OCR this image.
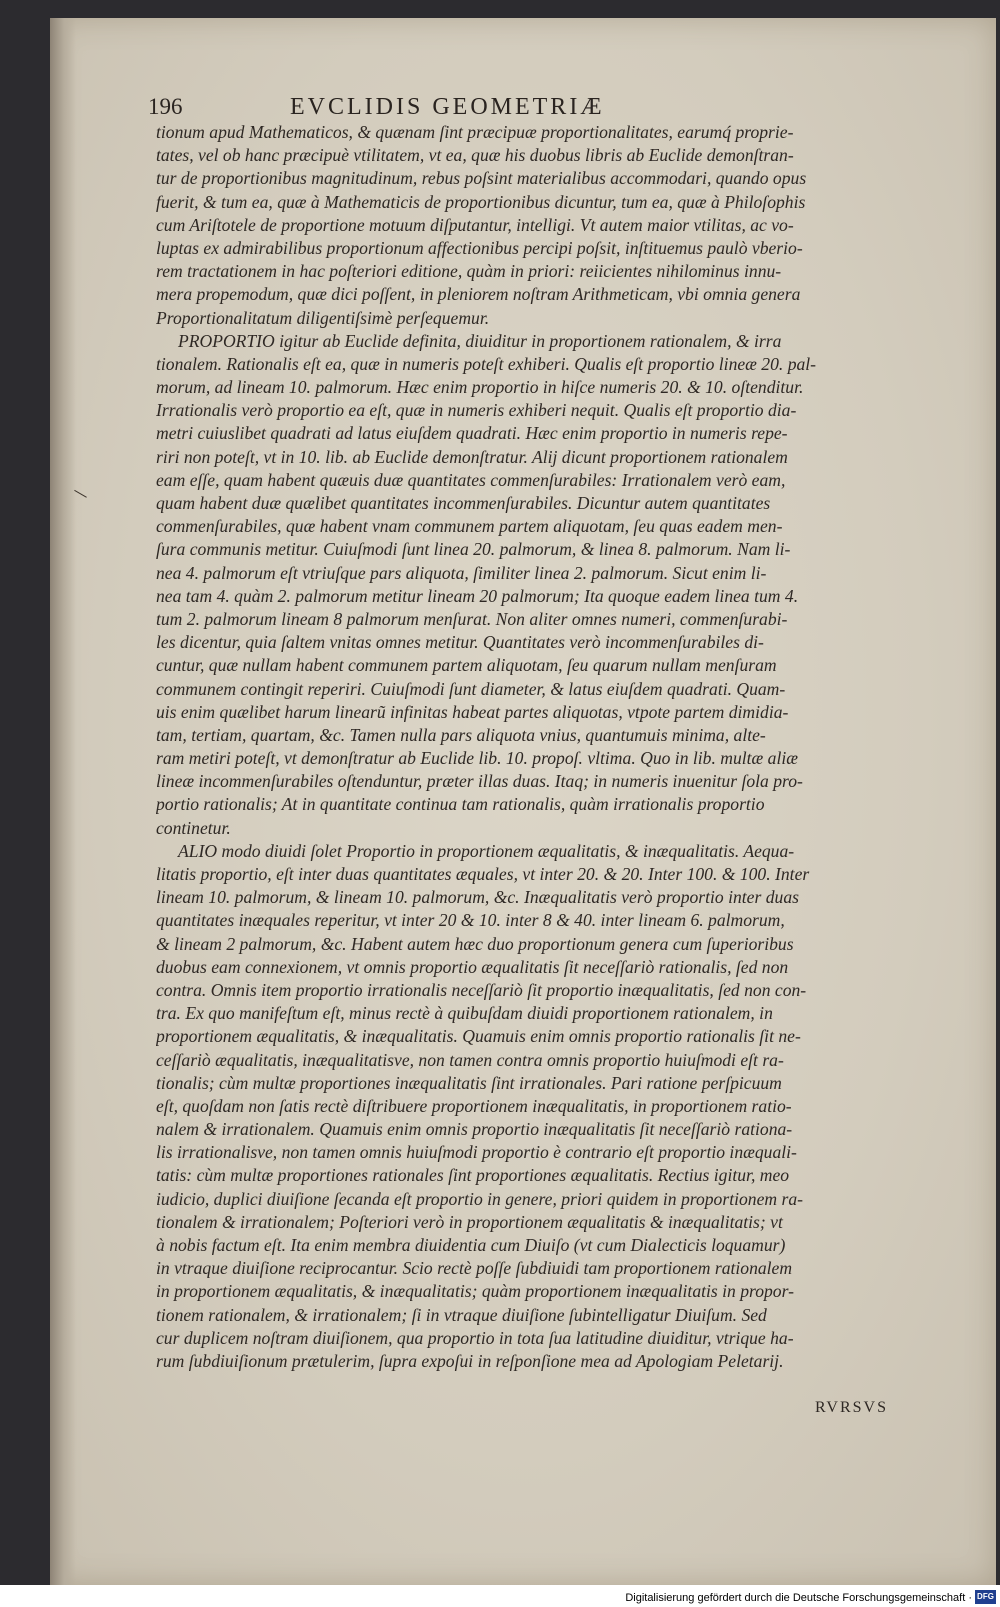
196	EVCLIDIS GEOMETRIÆ
tionum apud Mathematicos, & quænam ſint præcipuæ proportionalitates, earumq́ proprie-
tates, vel ob hanc præcipuè vtilitatem, vt ea, quæ his duobus libris ab Euclide demonſtran-
tur de proportionibus magnitudinum, rebus poſsint materialibus accommodari, quando opus
fuerit, & tum ea, quæ à Mathematicis de proportionibus dicuntur, tum ea, quæ à Philoſophis
cum Ariſtotele de proportione motuum diſputantur, intelligi. Vt autem maior vtilitas, ac vo-
luptas ex admirabilibus proportionum affectionibus percipi poſsit, inſtituemus paulò vberio-
rem tractationem in hac poſteriori editione, quàm in priori: reiicientes nihilominus innu-
mera propemodum, quæ dici poſſent, in pleniorem noſtram Arithmeticam, vbi omnia genera
Proportionalitatum diligentiſsimè perſequemur.
PROPORTIO igitur ab Euclide definita, diuiditur in proportionem rationalem, & irra
tionalem. Rationalis eſt ea, quæ in numeris poteſt exhiberi. Qualis eſt proportio lineæ 20. pal-
morum, ad lineam 10. palmorum. Hæc enim proportio in hiſce numeris 20. & 10. oſtenditur.
Irrationalis verò proportio ea eſt, quæ in numeris exhiberi nequit. Qualis eſt proportio dia-
metri cuiuslibet quadrati ad latus eiuſdem quadrati. Hæc enim proportio in numeris repe-
riri non poteſt, vt in 10. lib. ab Euclide demonſtratur. Alij dicunt proportionem rationalem
eam eſſe, quam habent quæuis duæ quantitates commenſurabiles: Irrationalem verò eam,
quam habent duæ quælibet quantitates incommenſurabiles. Dicuntur autem quantitates
commenſurabiles, quæ habent vnam communem partem aliquotam, ſeu quas eadem men-
ſura communis metitur. Cuiuſmodi ſunt linea 20. palmorum, & linea 8. palmorum. Nam li-
nea 4. palmorum eſt vtriuſque pars aliquota, ſimiliter linea 2. palmorum. Sicut enim li-
nea tam 4. quàm 2. palmorum metitur lineam 20 palmorum; Ita quoque eadem linea tum 4.
tum 2. palmorum lineam 8 palmorum menſurat. Non aliter omnes numeri, commenſurabi-
les dicentur, quia ſaltem vnitas omnes metitur. Quantitates verò incommenſurabiles di-
cuntur, quæ nullam habent communem partem aliquotam, ſeu quarum nullam menſuram
communem contingit reperiri. Cuiuſmodi ſunt diameter, & latus eiuſdem quadrati. Quam-
uis enim quælibet harum linearũ infinitas habeat partes aliquotas, vtpote partem dimidia-
tam, tertiam, quartam, &c. Tamen nulla pars aliquota vnius, quantumuis minima, alte-
ram metiri poteſt, vt demonſtratur ab Euclide lib. 10. propoſ. vltima. Quo in lib. multæ aliæ
lineæ incommenſurabiles oſtenduntur, præter illas duas. Itaq; in numeris inuenitur ſola pro-
portio rationalis; At in quantitate continua tam rationalis, quàm irrationalis proportio
continetur.
ALIO modo diuidi ſolet Proportio in proportionem æqualitatis, & inæqualitatis. Aequa-
litatis proportio, eſt inter duas quantitates æquales, vt inter 20. & 20. Inter 100. & 100. Inter
lineam 10. palmorum, & lineam 10. palmorum, &c. Inæqualitatis verò proportio inter duas
quantitates inæquales reperitur, vt inter 20 & 10. inter 8 & 40. inter lineam 6. palmorum,
& lineam 2 palmorum, &c. Habent autem hæc duo proportionum genera cum ſuperioribus
duobus eam connexionem, vt omnis proportio æqualitatis ſit neceſſariò rationalis, ſed non
contra. Omnis item proportio irrationalis neceſſariò ſit proportio inæqualitatis, ſed non con-
tra. Ex quo manifeſtum eſt, minus rectè à quibuſdam diuidi proportionem rationalem, in
proportionem æqualitatis, & inæqualitatis. Quamuis enim omnis proportio rationalis ſit ne-
ceſſariò æqualitatis, inæqualitatisve, non tamen contra omnis proportio huiuſmodi eſt ra-
tionalis; cùm multæ proportiones inæqualitatis ſint irrationales. Pari ratione perſpicuum
eſt, quoſdam non ſatis rectè diſtribuere proportionem inæqualitatis, in proportionem ratio-
nalem & irrationalem. Quamuis enim omnis proportio inæqualitatis ſit neceſſariò rationa-
lis irrationalisve, non tamen omnis huiuſmodi proportio è contrario eſt proportio inæquali-
tatis: cùm multæ proportiones rationales ſint proportiones æqualitatis. Rectius igitur, meo
iudicio, duplici diuiſione ſecanda eſt proportio in genere, priori quidem in proportionem ra-
tionalem & irrationalem; Poſteriori verò in proportionem æqualitatis & inæqualitatis; vt
à nobis factum eſt. Ita enim membra diuidentia cum Diuiſo (vt cum Dialecticis loquamur)
in vtraque diuiſione reciprocantur. Scio rectè poſſe ſubdiuidi tam proportionem rationalem
in proportionem æqualitatis, & inæqualitatis; quàm proportionem inæqualitatis in propor-
tionem rationalem, & irrationalem; ſi in vtraque diuiſione ſubintelligatur Diuiſum. Sed
cur duplicem noſtram diuiſionem, qua proportio in tota ſua latitudine diuiditur, vtrique ha-
rum ſubdiuiſionum prætulerim, ſupra expoſui in reſponſione mea ad Apologiam Peletarij.
RVRSVS
Digitalisierung gefördert durch die Deutsche Forschungsgemeinschaft · DFG
